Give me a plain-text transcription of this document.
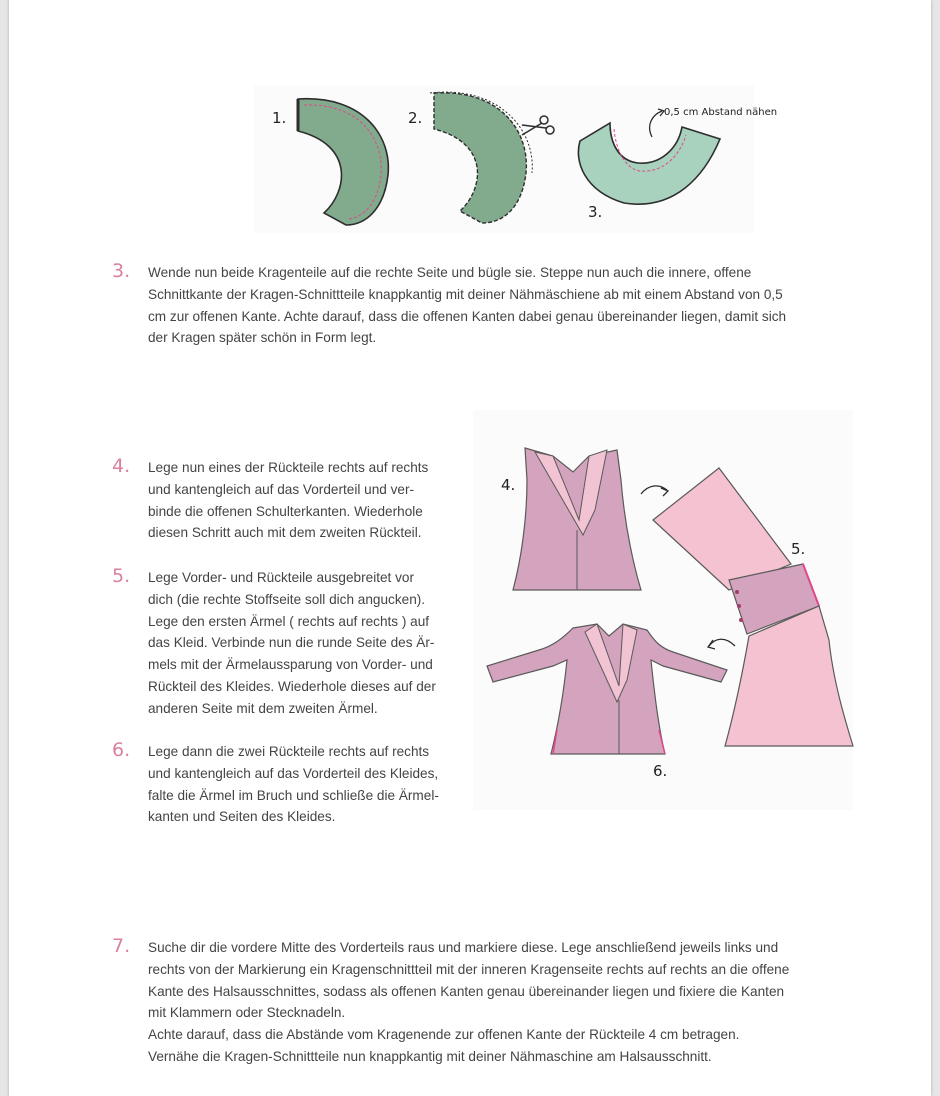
1.	2.
3.
0,5 cm Abstand nähen
3. Wende nun beide Kragenteile auf die rechte Seite und bügle sie. Steppe nun auch die innere, offene
Schnittkante der Kragen-Schnittteile knappkantig mit deiner Nähmäschiene ab mit einem Abstand von 0,5
cm zur offenen Kante. Achte darauf, dass die offenen Kanten dabei genau übereinander liegen, damit sich
der Kragen später schön in Form legt.
4.
5.
6.
4. Lege nun eines der Rückteile rechts auf rechts
und kantengleich auf das Vorderteil und ver-
binde die offenen Schulterkanten. Wiederhole
diesen Schritt auch mit dem zweiten Rückteil.
5. Lege Vorder- und Rückteile ausgebreitet vor
dich (die rechte Stoffseite soll dich angucken).
Lege den ersten Ärmel ( rechts auf rechts ) auf
das Kleid. Verbinde nun die runde Seite des Är-
mels mit der Ärmelaussparung von Vorder- und
Rückteil des Kleides. Wiederhole dieses auf der
anderen Seite mit dem zweiten Ärmel.
6. Lege dann die zwei Rückteile rechts auf rechts
und kantengleich auf das Vorderteil des Kleides,
falte die Ärmel im Bruch und schließe die Ärmel-
kanten und Seiten des Kleides.
7. Suche dir die vordere Mitte des Vorderteils raus und markiere diese. Lege anschließend jeweils links und
rechts von der Markierung ein Kragenschnittteil mit der inneren Kragenseite rechts auf rechts an die offene
Kante des Halsausschnittes, sodass als offenen Kanten genau übereinander liegen und fixiere die Kanten
mit Klammern oder Stecknadeln.
Achte darauf, dass die Abstände vom Kragenende zur offenen Kante der Rückteile 4 cm betragen.
Vernähe die Kragen-Schnittteile nun knappkantig mit deiner Nähmaschine am Halsausschnitt.
